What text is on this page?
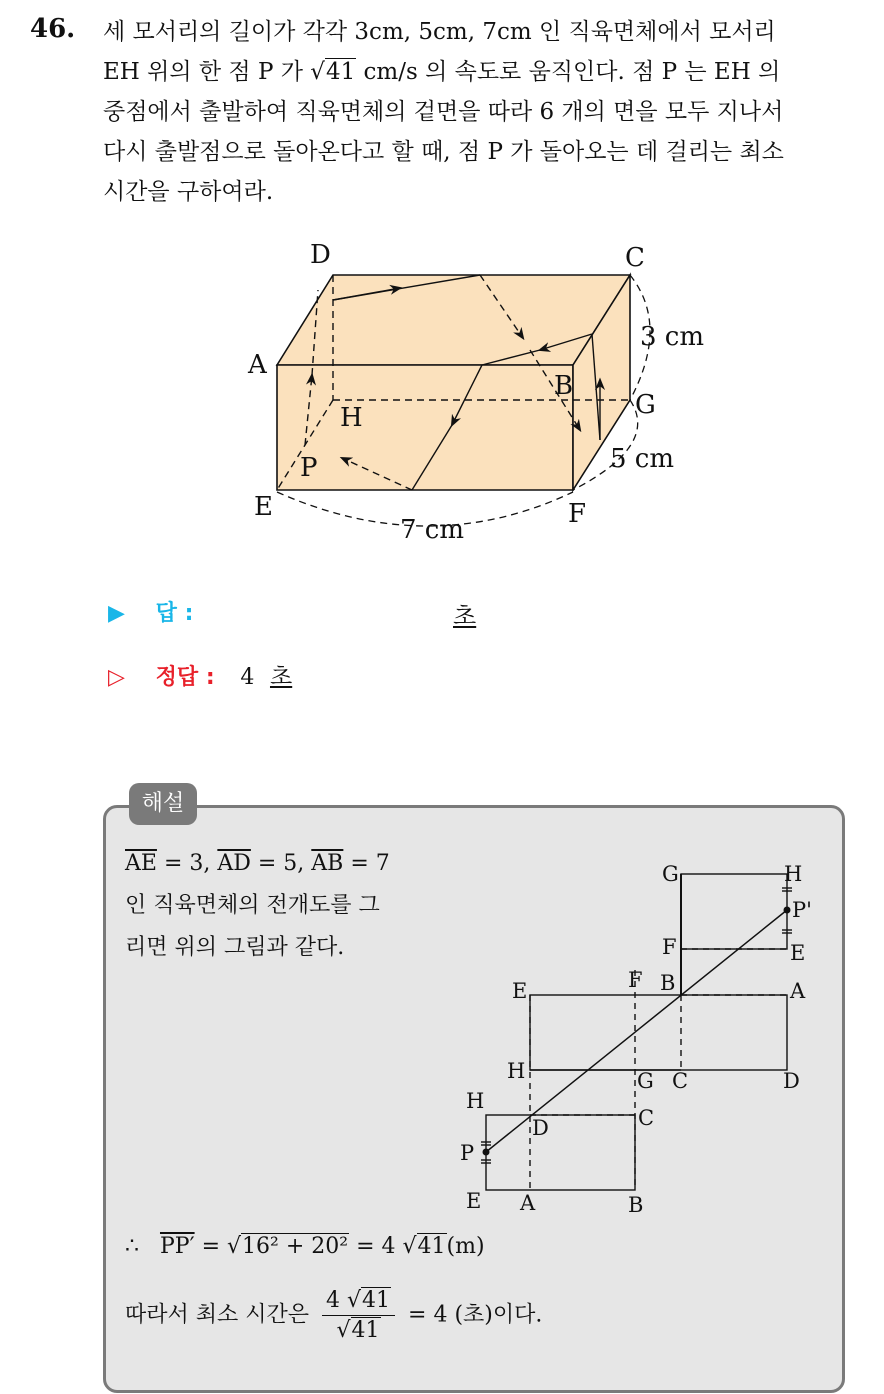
46. 세 모서리의 길이가 각각 3cm, 5cm, 7cm 인 직육면체에서 모서리

EH 위의 한 점 P 가 √41 cm/s 의 속도로 움직인다. 점 P 는 EH 의

중점에서 출발하여 직육면체의 겉면을 따라 6 개의 면을 모두 지나서

다시 출발점으로 돌아온다고 할 때, 점 P 가 돌아오는 데 걸리는 최소

시간을 구하여라.

D	C
A
B
H	G
P
E	F
3 cm
5 cm
7 cm
▶ 답 :	초
▷ 정답 : 4 초
해설

$\overline{AE} = 3$, $\overline{AD} = 5$, $\overline{AB} = 7$

인 직육면체의 전개도를 그

리면 위의 그림과 같다.

G	H
P'
F	E
E	F B	A
H	G C	D
H
D	C
P
E A	B
∴ PP′ = √16² + 20² = 4 √41(m)
따라서 최소 시간은 $\frac{4 √41}{√41} = 4$ (초)이다.
